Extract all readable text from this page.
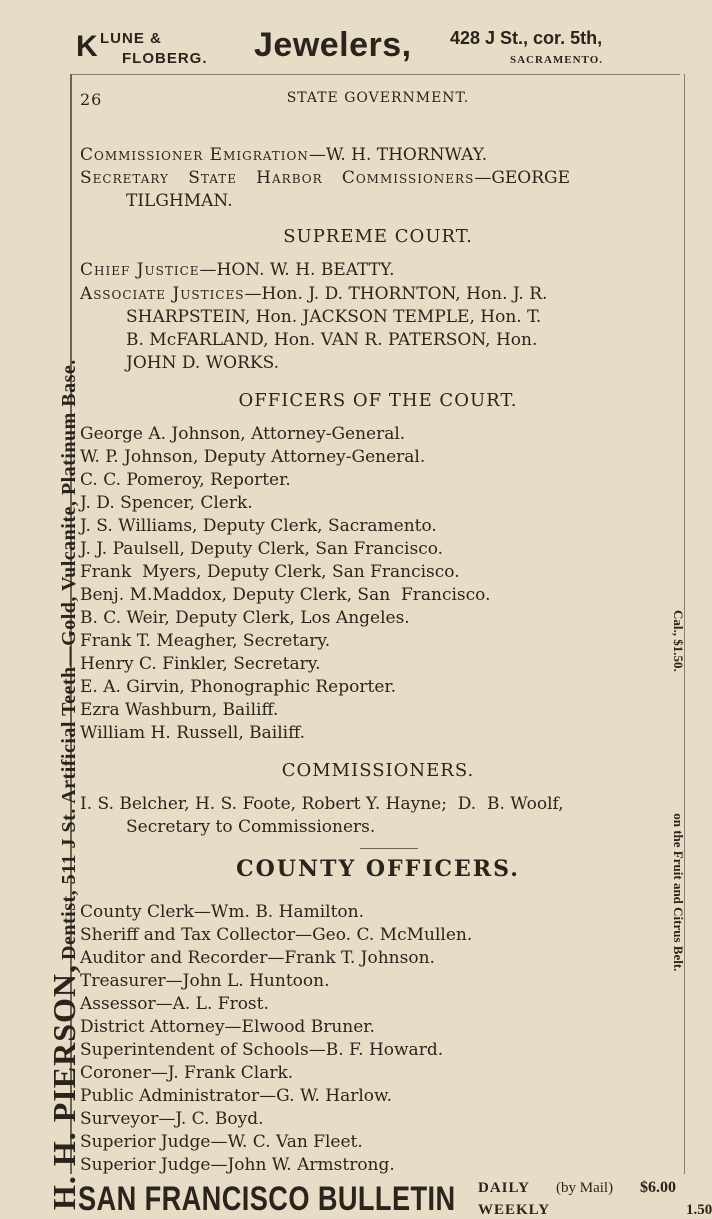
K LUNE &
FLOBERG. Jewelers, 428 J St., cor. 5th,
SACRAMENTO.
H. H. PIERSON, Dentist, 511 J St. Artificial Teeth—Gold, Vulcanite, Platinum Base.	Cal., $1.50. on the Fruit and Citrus Belt.
26	STATE GOVERNMENT.
Commissioner Emigration—W. H. THORNWAY.
Secretary   State   Harbor   Commissioners—GEORGE
TILGHMAN.
SUPREME COURT.
Chief Justice—HON. W. H. BEATTY.
Associate Justices—Hon. J. D. THORNTON, Hon. J. R.
SHARPSTEIN, Hon. JACKSON TEMPLE, Hon. T.
B. McFARLAND, Hon. VAN R. PATERSON, Hon.
JOHN D. WORKS.
OFFICERS OF THE COURT.
George A. Johnson, Attorney-General.
W. P. Johnson, Deputy Attorney-General.
C. C. Pomeroy, Reporter.
J. D. Spencer, Clerk.
J. S. Williams, Deputy Clerk, Sacramento.
J. J. Paulsell, Deputy Clerk, San Francisco.
Frank  Myers, Deputy Clerk, San Francisco.
Benj. M.Maddox, Deputy Clerk, San  Francisco.
B. C. Weir, Deputy Clerk, Los Angeles.
Frank T. Meagher, Secretary.
Henry C. Finkler, Secretary.
E. A. Girvin, Phonographic Reporter.
Ezra Washburn, Bailiff.
William H. Russell, Bailiff.
COMMISSIONERS.
I. S. Belcher, H. S. Foote, Robert Y. Hayne;  D.  B. Woolf,
Secretary to Commissioners.
COUNTY OFFICERS.
County Clerk—Wm. B. Hamilton.
Sheriff and Tax Collector—Geo. C. McMullen.
Auditor and Recorder—Frank T. Johnson.
Treasurer—John L. Huntoon.
Assessor—A. L. Frost.
District Attorney—Elwood Bruner.
Superintendent of Schools—B. F. Howard.
Coroner—J. Frank Clark.
Public Administrator—G. W. Harlow.
Surveyor—J. C. Boyd.
Superior Judge—W. C. Van Fleet.
Superior Judge—John W. Armstrong.
SAN FRANCISCO BULLETIN DAILY (by Mail) $6.00
WEEKLY	1.50
